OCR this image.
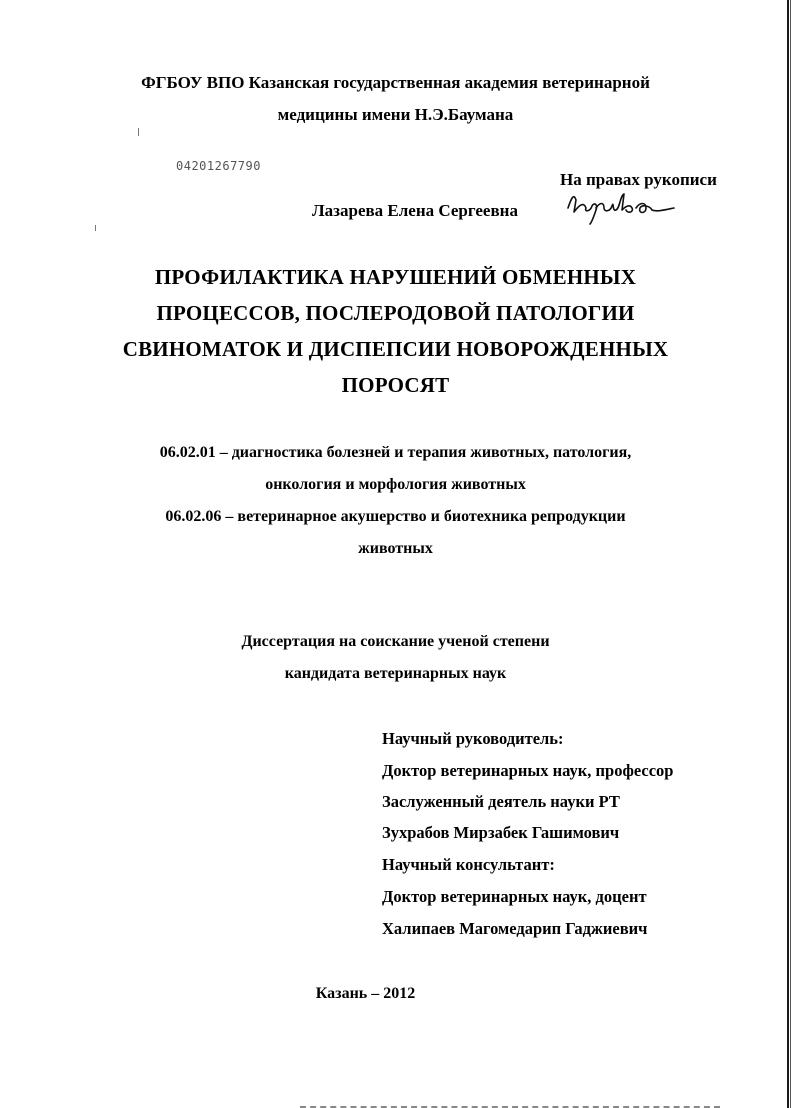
ФГБОУ ВПО Казанская государственная академия ветеринарной
медицины имени Н.Э.Баумана
04201267790
На правах рукописи
Лазарева Елена Сергеевна
ПРОФИЛАКТИКА НАРУШЕНИЙ ОБМЕННЫХ
ПРОЦЕССОВ, ПОСЛЕРОДОВОЙ ПАТОЛОГИИ
СВИНОМАТОК И ДИСПЕПСИИ НОВОРОЖДЕННЫХ
ПОРОСЯТ
06.02.01 – диагностика болезней и терапия животных, патология,
онкология и морфология животных
06.02.06 – ветеринарное акушерство и биотехника репродукции
животных
Диссертация на соискание ученой степени
кандидата ветеринарных наук
Научный руководитель:
Доктор ветеринарных наук, профессор
Заслуженный деятель науки РТ
Зухрабов Мирзабек Гашимович
Научный консультант:
Доктор ветеринарных наук, доцент
Халипаев Магомедарип Гаджиевич
Казань – 2012
